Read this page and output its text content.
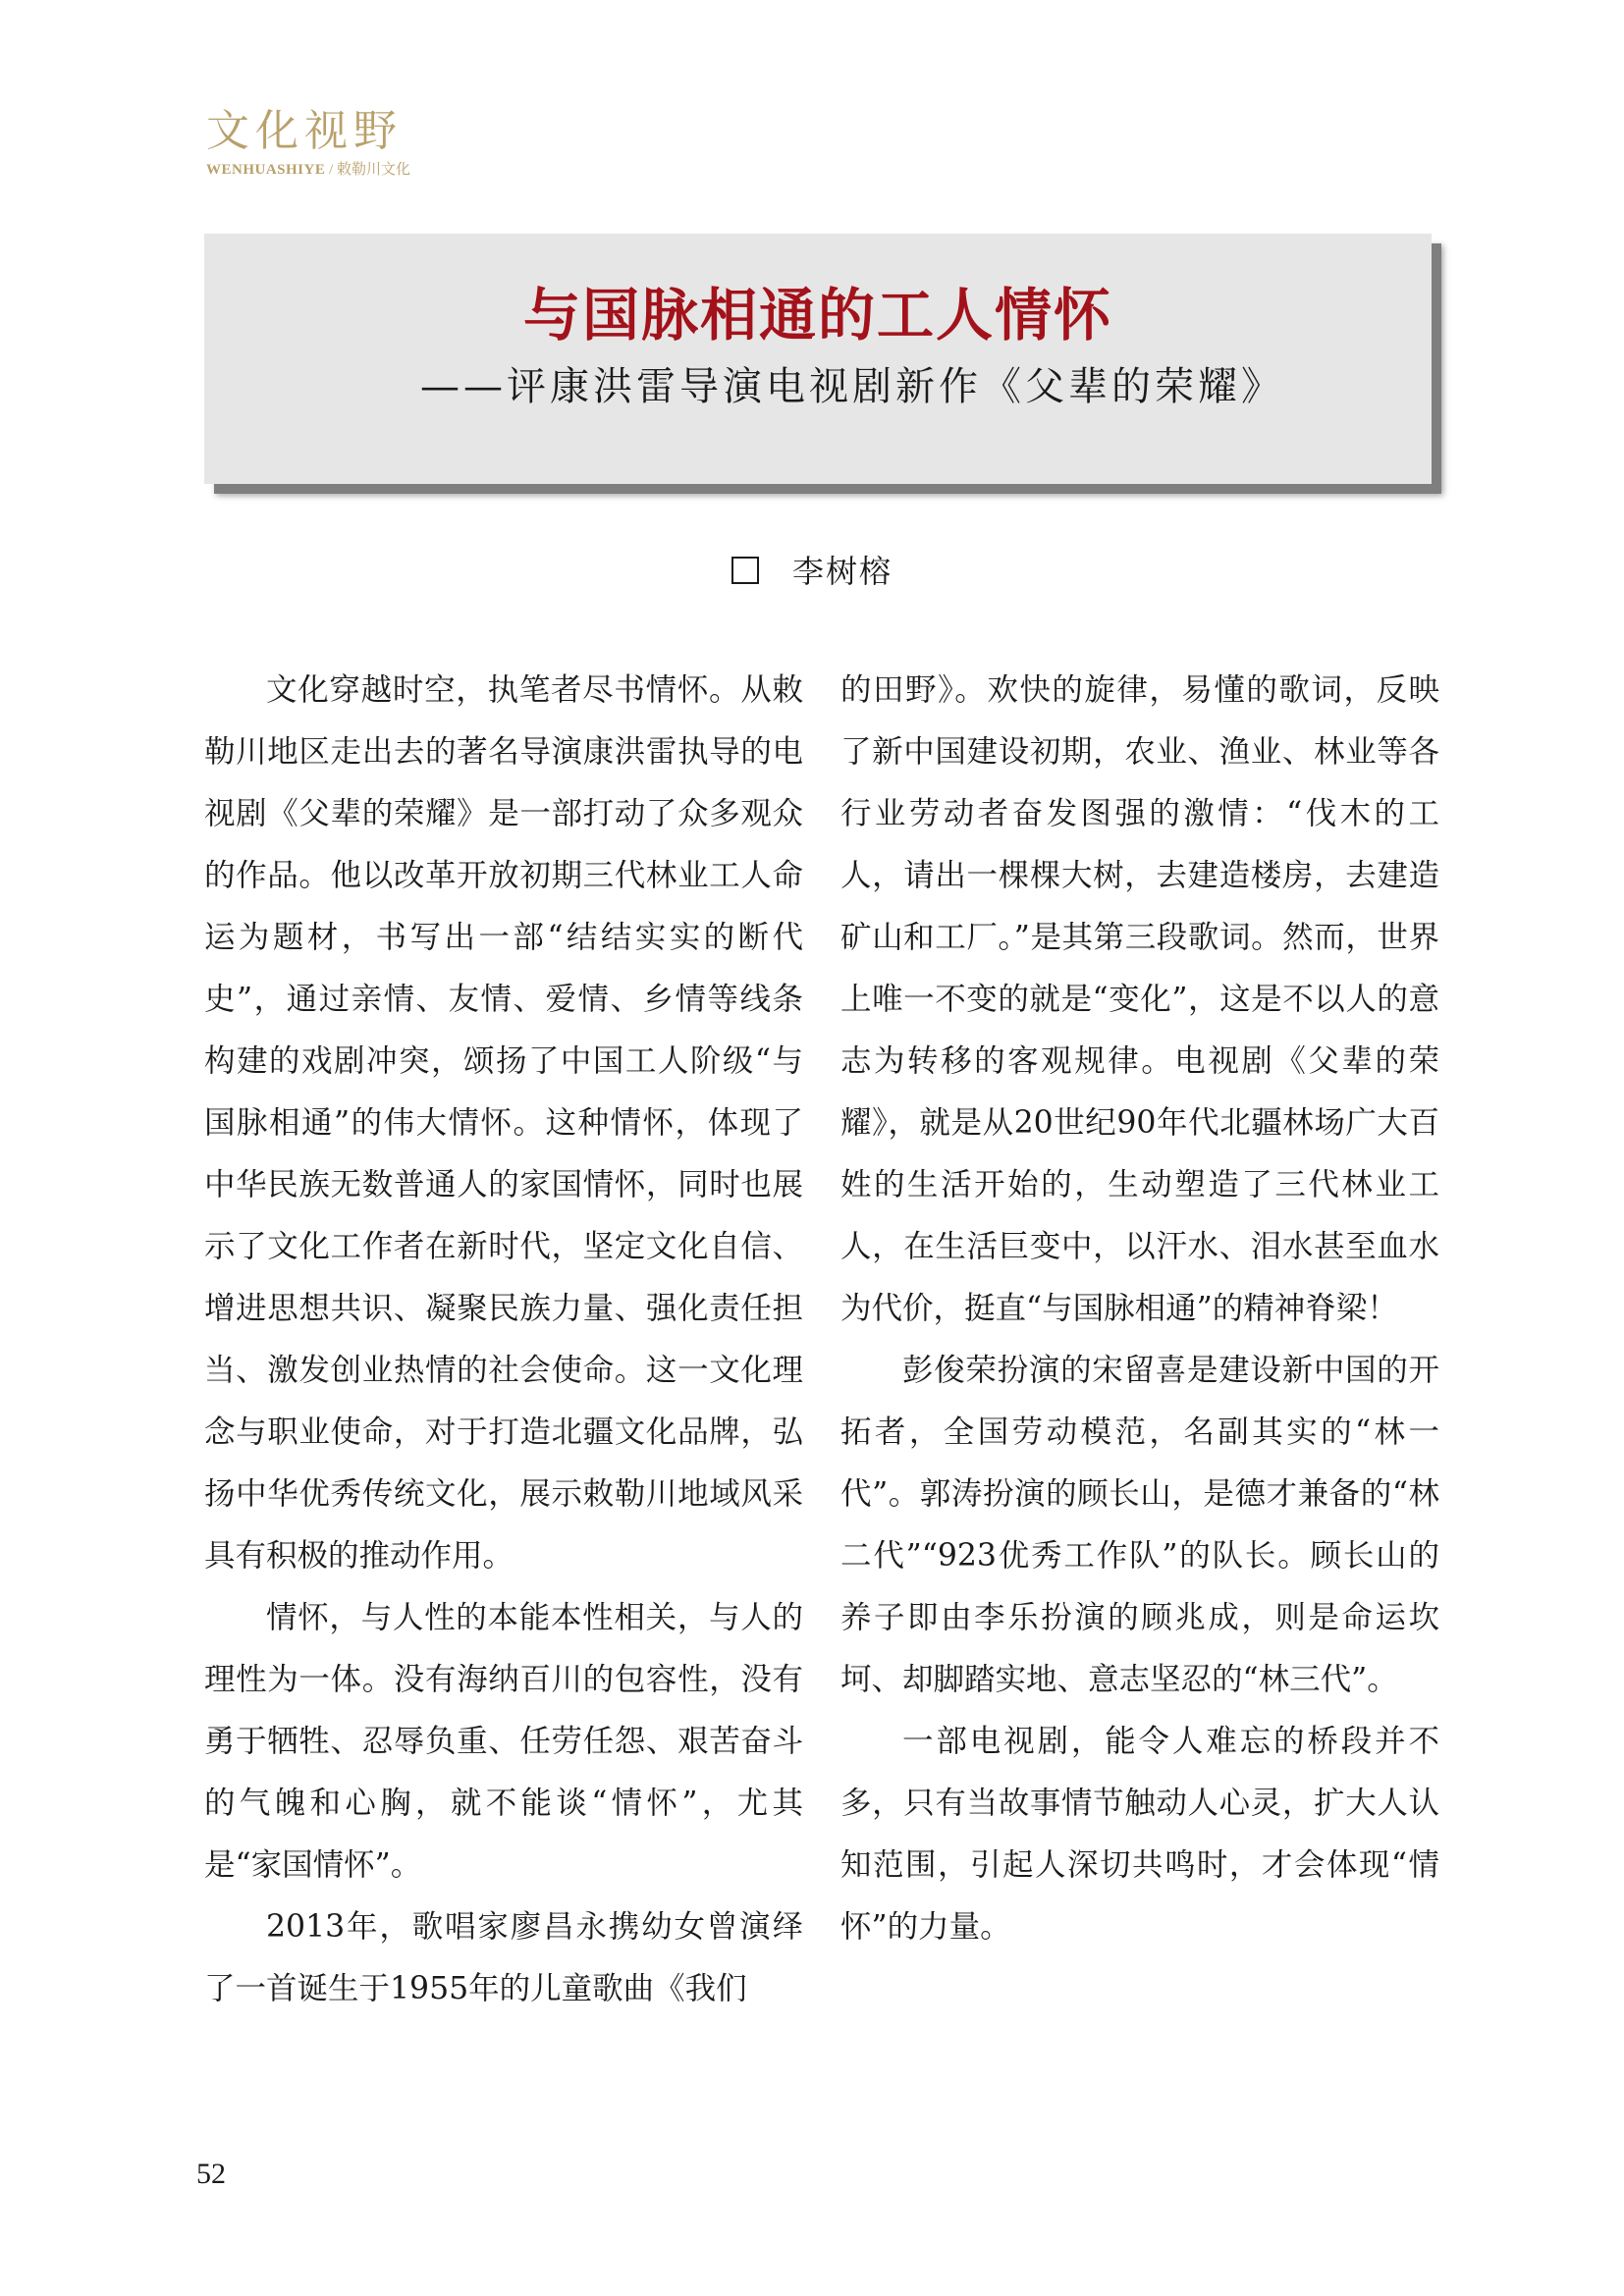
文化视野
WENHUASHIYE / 敕勒川文化
与国脉相通的工人情怀
——评康洪雷导演电视剧新作《父辈的荣耀》
李树榕

文化穿越时空，执笔者尽书情怀。从敕勒川地区走出去的著名导演康洪雷执导的电视剧《父辈的荣耀》是一部打动了众多观众的作品。他以改革开放初期三代林业工人命运为题材，书写出一部“结结实实的断代史”，通过亲情、友情、爱情、乡情等线条构建的戏剧冲突，颂扬了中国工人阶级“与国脉相通”的伟大情怀。这种情怀，体现了中华民族无数普通人的家国情怀，同时也展示了文化工作者在新时代，坚定文化自信、增进思想共识、凝聚民族力量、强化责任担当、激发创业热情的社会使命。这一文化理念与职业使命，对于打造北疆文化品牌，弘扬中华优秀传统文化，展示敕勒川地域风采具有积极的推动作用。

情怀，与人性的本能本性相关，与人的理性为一体。没有海纳百川的包容性，没有勇于牺牲、忍辱负重、任劳任怨、艰苦奋斗的气魄和心胸，就不能谈“情怀”，尤其是“家国情怀”。

2013年，歌唱家廖昌永携幼女曾演绎了一首诞生于1955年的儿童歌曲《我们

的田野》。欢快的旋律，易懂的歌词，反映了新中国建设初期，农业、渔业、林业等各行业劳动者奋发图强的激情：“伐木的工人，请出一棵棵大树，去建造楼房，去建造矿山和工厂。”是其第三段歌词。然而，世界上唯一不变的就是“变化”，这是不以人的意志为转移的客观规律。电视剧《父辈的荣耀》，就是从20世纪90年代北疆林场广大百姓的生活开始的，生动塑造了三代林业工人，在生活巨变中，以汗水、泪水甚至血水为代价，挺直“与国脉相通”的精神脊梁！

彭俊荣扮演的宋留喜是建设新中国的开拓者，全国劳动模范，名副其实的“林一代”。郭涛扮演的顾长山，是德才兼备的“林二代”“923优秀工作队”的队长。顾长山的养子即由李乐扮演的顾兆成，则是命运坎坷、却脚踏实地、意志坚忍的“林三代”。

一部电视剧，能令人难忘的桥段并不多，只有当故事情节触动人心灵，扩大人认知范围，引起人深切共鸣时，才会体现“情怀”的力量。

52
